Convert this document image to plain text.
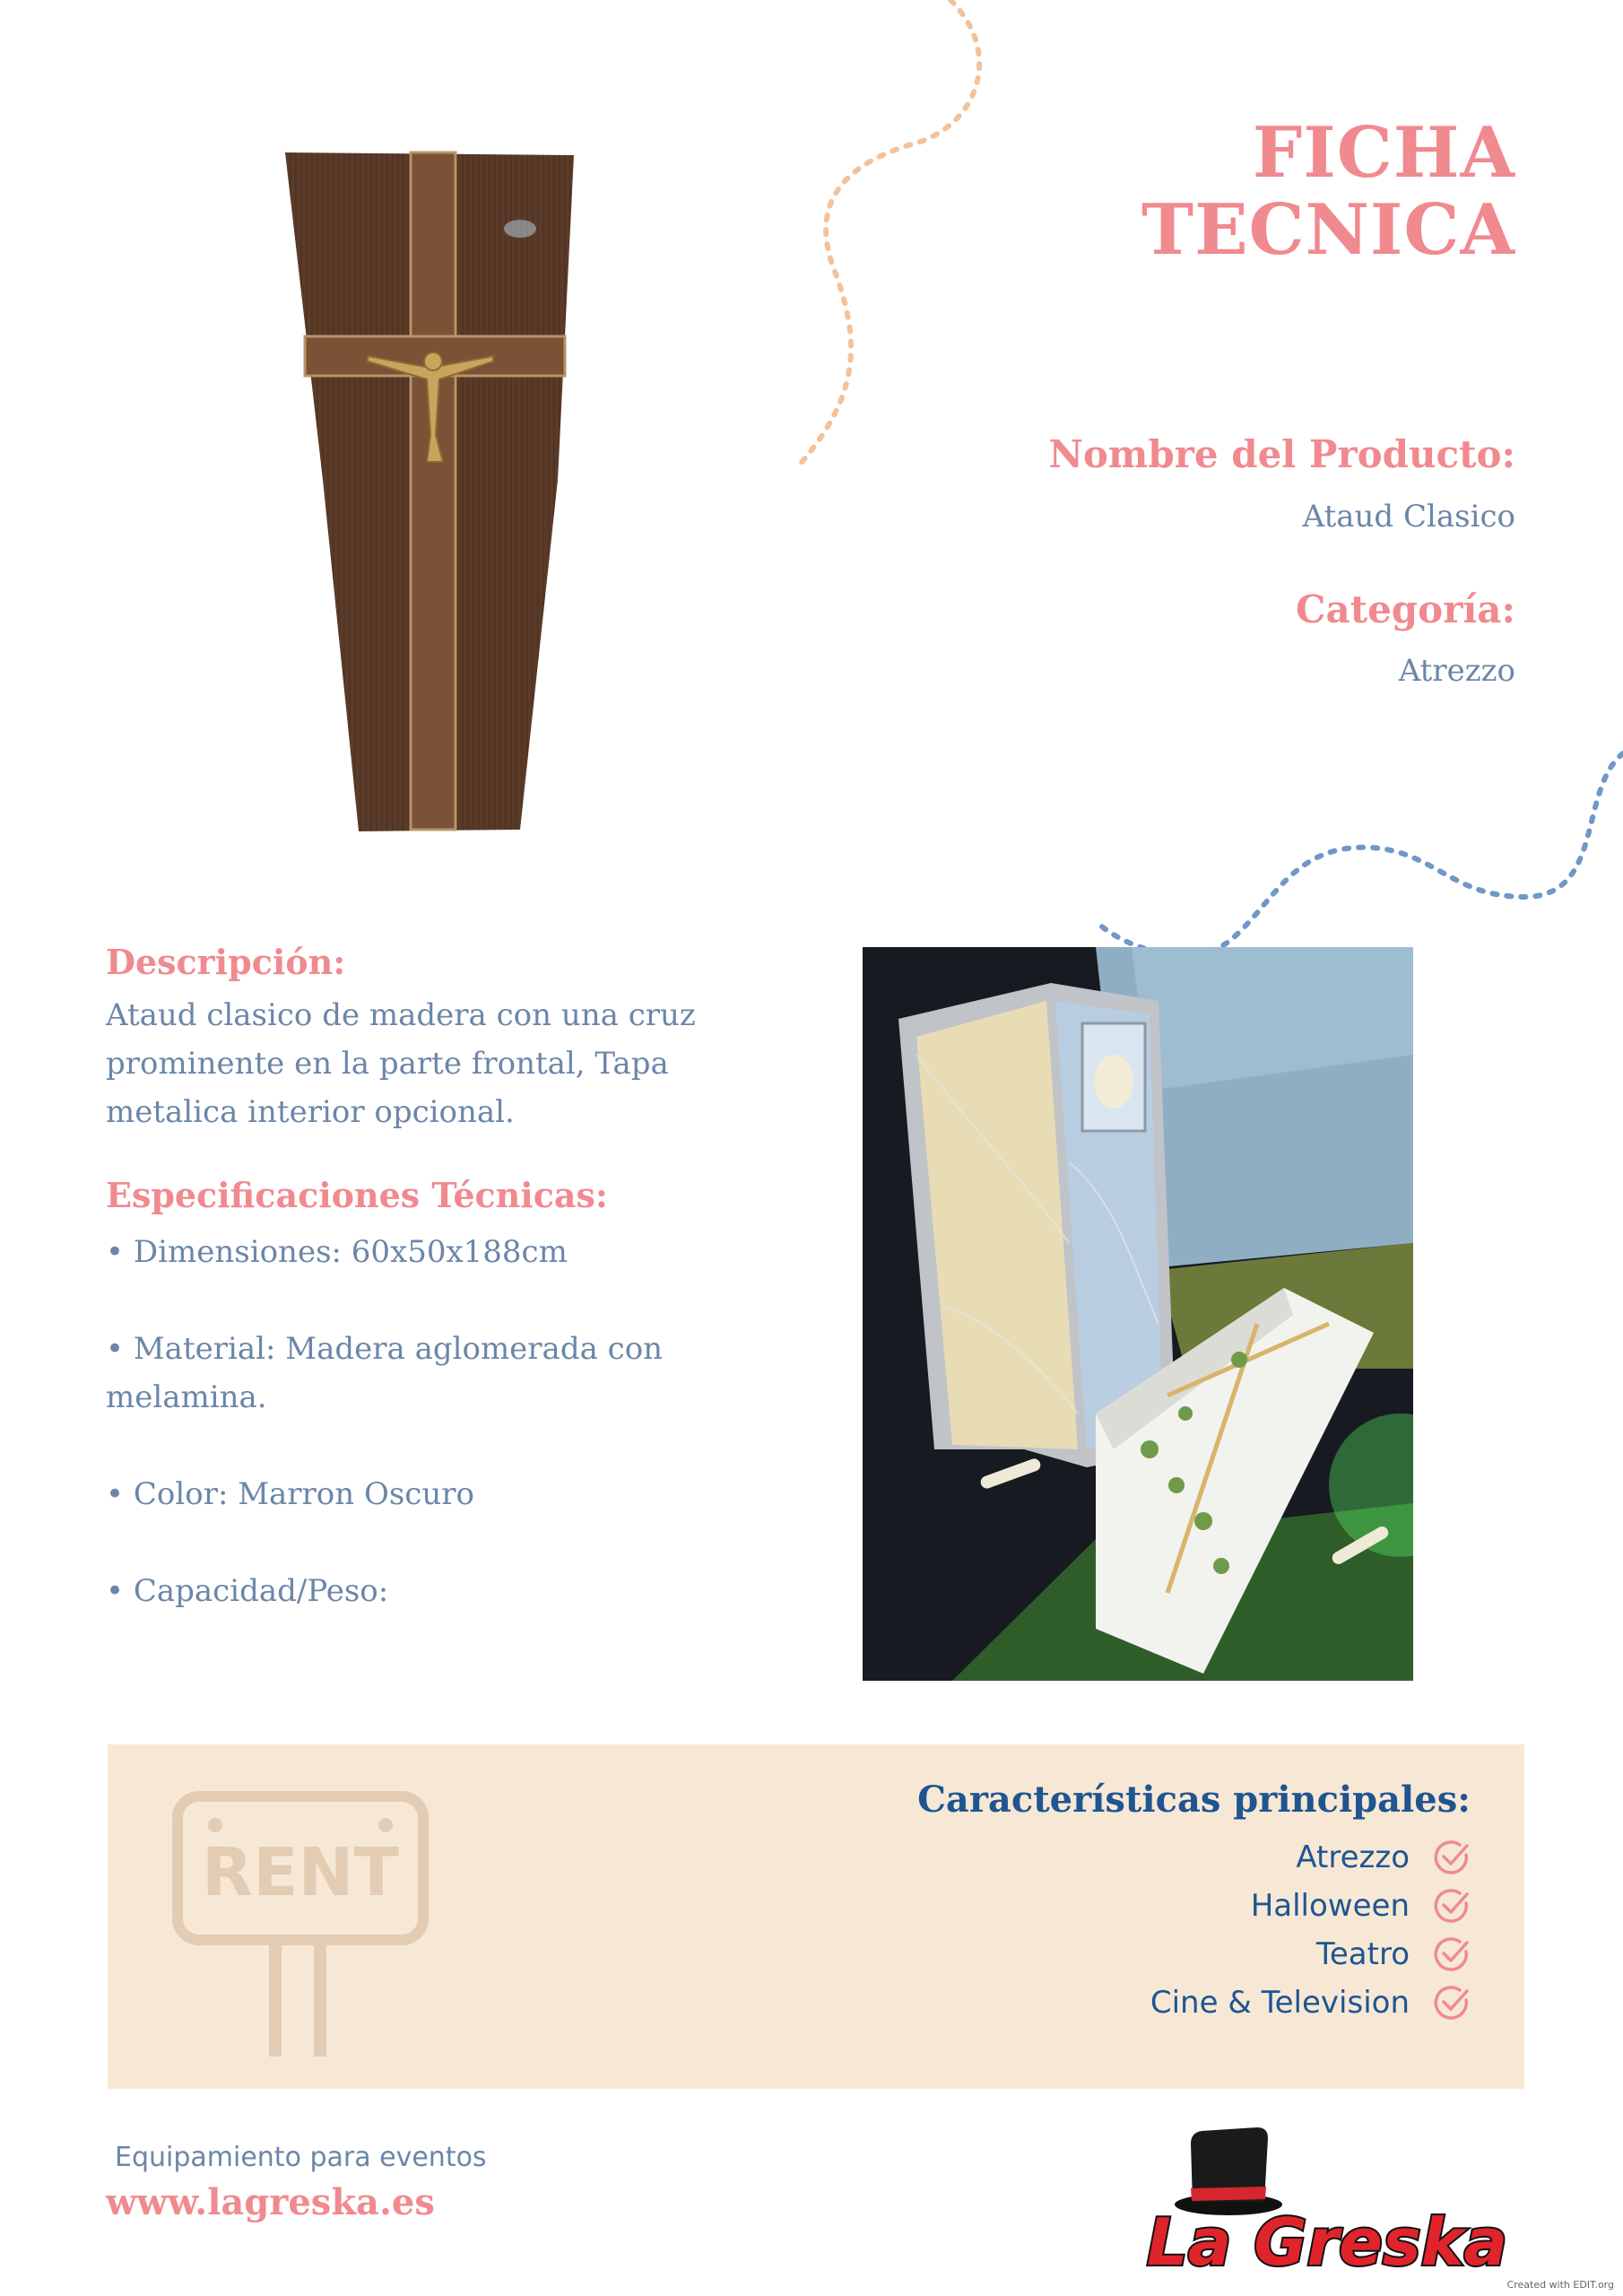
FICHA
TECNICA
Nombre del Producto:
Ataud Clasico
Categoría:
Atrezzo
Descripción:
Ataud clasico de madera con una cruz prominente en la parte frontal, Tapa metalica interior opcional.
Especificaciones Técnicas:
• Dimensiones: 60x50x188cm
• Material: Madera aglomerada con melamina.
• Color: Marron Oscuro
• Capacidad/Peso:
RENT
Características principales:
Atrezzo
Halloween
Teatro
Cine & Television
Equipamiento para eventos
www.lagreska.es
La Greska
Created with EDIT.org
